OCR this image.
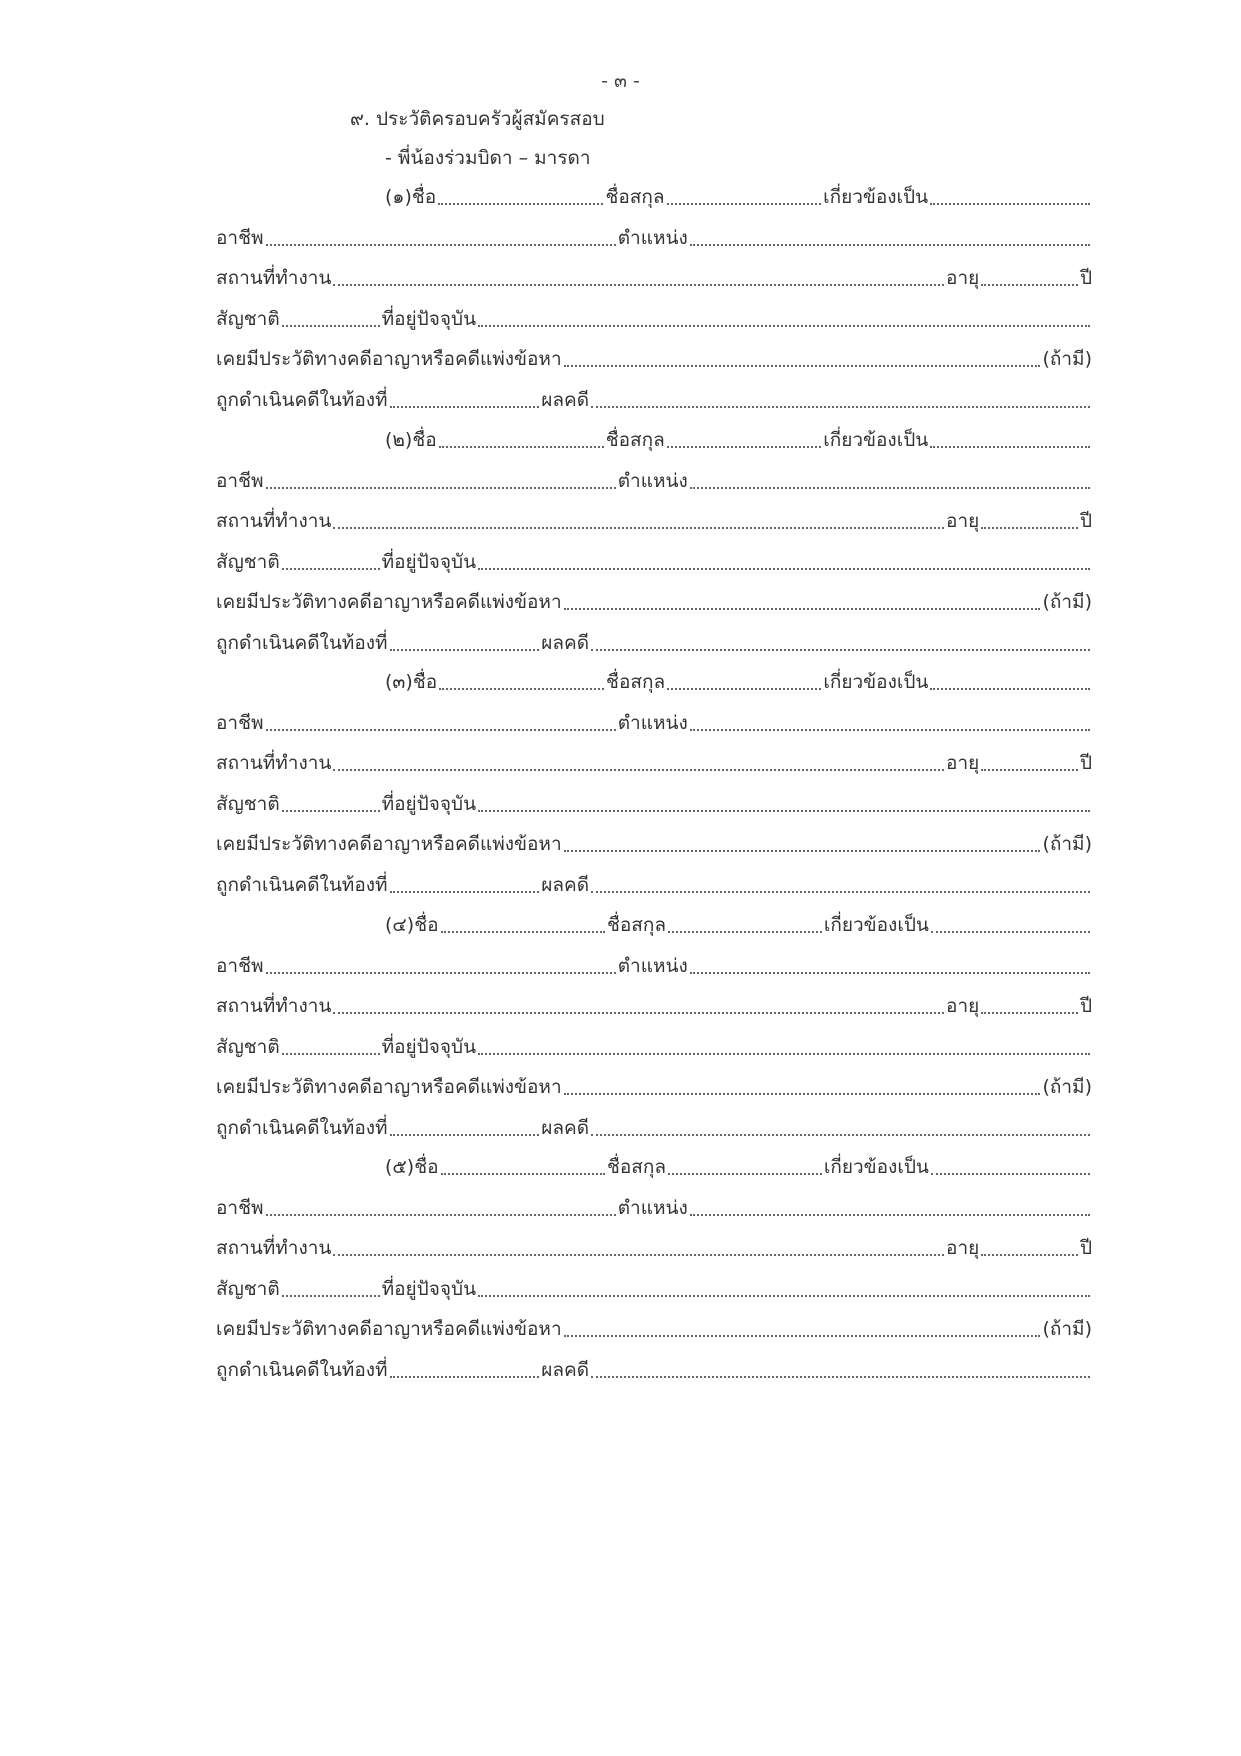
- ๓ -
๙. ประวัติครอบครัวผู้สมัครสอบ
- พี่น้องร่วมบิดา – มารดา
(๑) ชื่อ	ชื่อสกุล	เกี่ยวข้องเป็น
อาชีพ	ตำแหน่ง
สถานที่ทำงาน	อายุ	ปี
สัญชาติ	ที่อยู่ปัจจุบัน
เคยมีประวัติทางคดีอาญาหรือคดีแพ่งข้อหา	(ถ้ามี)
ถูกดำเนินคดีในท้องที่	ผลคดี
(๒) ชื่อ	ชื่อสกุล	เกี่ยวข้องเป็น
อาชีพ	ตำแหน่ง
สถานที่ทำงาน	อายุ	ปี
สัญชาติ	ที่อยู่ปัจจุบัน
เคยมีประวัติทางคดีอาญาหรือคดีแพ่งข้อหา	(ถ้ามี)
ถูกดำเนินคดีในท้องที่	ผลคดี
(๓) ชื่อ	ชื่อสกุล	เกี่ยวข้องเป็น
อาชีพ	ตำแหน่ง
สถานที่ทำงาน	อายุ	ปี
สัญชาติ	ที่อยู่ปัจจุบัน
เคยมีประวัติทางคดีอาญาหรือคดีแพ่งข้อหา	(ถ้ามี)
ถูกดำเนินคดีในท้องที่	ผลคดี
(๔) ชื่อ	ชื่อสกุล	เกี่ยวข้องเป็น
อาชีพ	ตำแหน่ง
สถานที่ทำงาน	อายุ	ปี
สัญชาติ	ที่อยู่ปัจจุบัน
เคยมีประวัติทางคดีอาญาหรือคดีแพ่งข้อหา	(ถ้ามี)
ถูกดำเนินคดีในท้องที่	ผลคดี
(๕) ชื่อ	ชื่อสกุล	เกี่ยวข้องเป็น
อาชีพ	ตำแหน่ง
สถานที่ทำงาน	อายุ	ปี
สัญชาติ	ที่อยู่ปัจจุบัน
เคยมีประวัติทางคดีอาญาหรือคดีแพ่งข้อหา	(ถ้ามี)
ถูกดำเนินคดีในท้องที่	ผลคดี
